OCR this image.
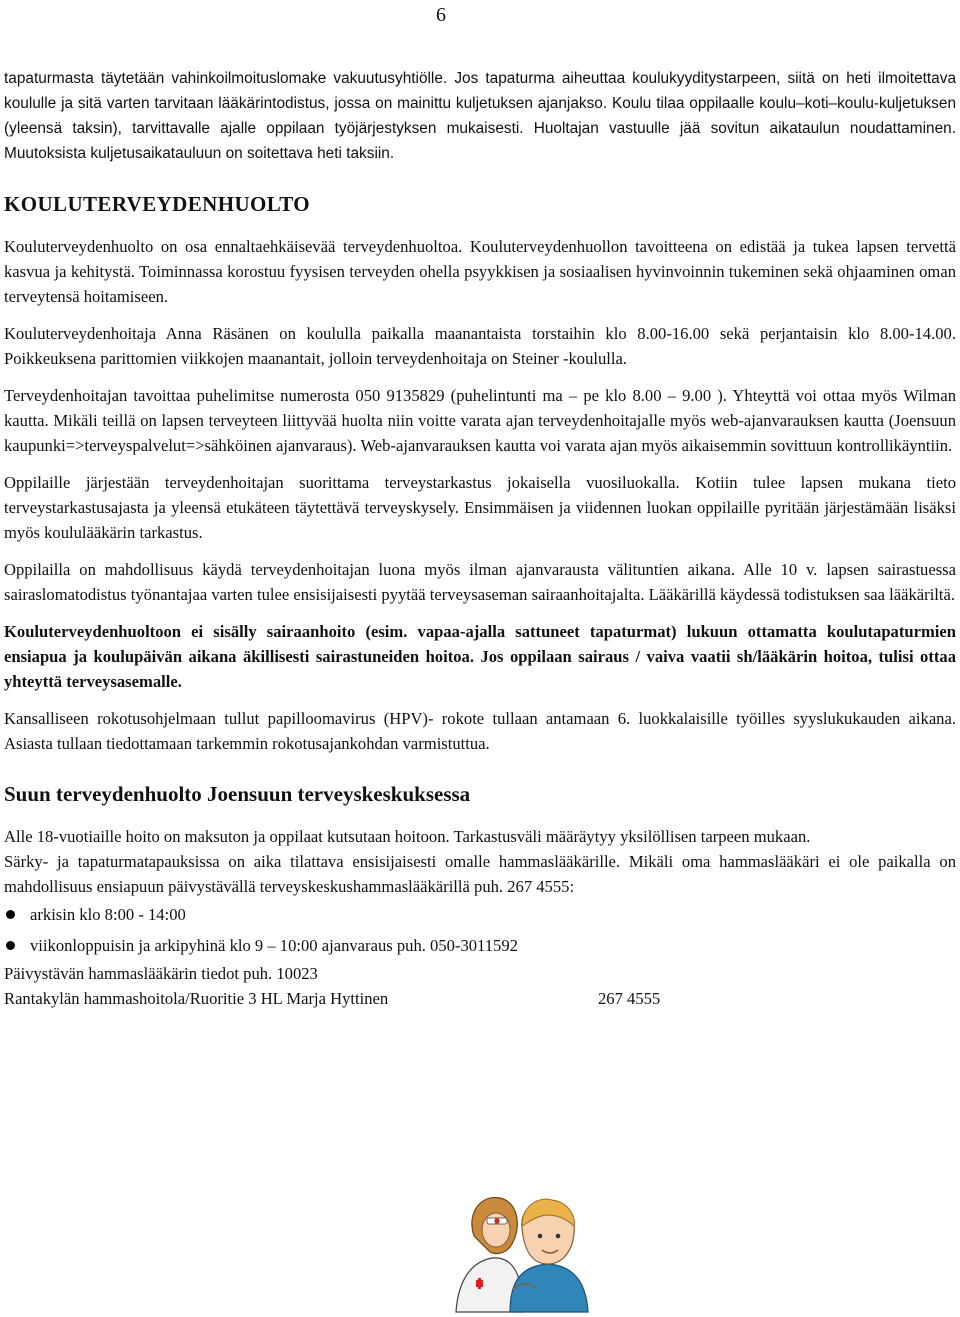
6

tapaturmasta täytetään vahinkoilmoituslomake vakuutusyhtiölle. Jos tapaturma aiheuttaa koulukyyditystarpeen, siitä on heti ilmoitettava koululle ja sitä varten tarvitaan lääkärintodistus, jossa on mainittu kuljetuksen ajanjakso. Koulu tilaa oppilaalle koulu–koti–koulu-kuljetuksen (yleensä taksin), tarvittavalle ajalle oppilaan työjärjestyksen mukaisesti. Huoltajan vastuulle jää sovitun aikataulun noudattaminen. Muutoksista kuljetusaikatauluun on soitettava heti taksiin.

KOULUTERVEYDENHUOLTO

Kouluterveydenhuolto on osa ennaltaehkäisevää terveydenhuoltoa. Kouluterveydenhuollon tavoitteena on edistää ja tukea lapsen tervettä kasvua ja kehitystä. Toiminnassa korostuu fyysisen terveyden ohella psyykkisen ja sosiaalisen hyvinvoinnin tukeminen sekä ohjaaminen oman terveytensä hoitamiseen.

Kouluterveydenhoitaja Anna Räsänen on koululla paikalla maanantaista torstaihin klo 8.00-16.00 sekä perjantaisin klo 8.00-14.00. Poikkeuksena parittomien viikkojen maanantait, jolloin terveydenhoitaja on Steiner -koululla.

Terveydenhoitajan tavoittaa puhelimitse numerosta 050 9135829 (puhelintunti ma – pe klo 8.00 – 9.00 ). Yhteyttä voi ottaa myös Wilman kautta. Mikäli teillä on lapsen terveyteen liittyvää huolta niin voitte varata ajan terveydenhoitajalle myös web-ajanvarauksen kautta (Joensuun kaupunki=>terveyspalvelut=>sähköinen ajanvaraus). Web-ajanvarauksen kautta voi varata ajan myös aikaisemmin sovittuun kontrollikäyntiin.

Oppilaille järjestään terveydenhoitajan suorittama terveystarkastus jokaisella vuosiluokalla. Kotiin tulee lapsen mukana tieto terveystarkastusajasta ja yleensä etukäteen täytettävä terveyskysely. Ensimmäisen ja viidennen luokan oppilaille pyritään järjestämään lisäksi myös koululääkärin tarkastus.

Oppilailla on mahdollisuus käydä terveydenhoitajan luona myös ilman ajanvarausta välituntien aikana. Alle 10 v. lapsen sairastuessa sairaslomatodistus työnantajaa varten tulee ensisijaisesti pyytää terveysaseman sairaanhoitajalta. Lääkärillä käydessä todistuksen saa lääkäriltä.

Kouluterveydenhuoltoon ei sisälly sairaanhoito (esim. vapaa-ajalla sattuneet tapaturmat) lukuun ottamatta koulutapaturmien ensiapua ja koulupäivän aikana äkillisesti sairastuneiden hoitoa. Jos oppilaan sairaus / vaiva vaatii sh/lääkärin hoitoa, tulisi ottaa yhteyttä terveysasemalle.

Kansalliseen rokotusohjelmaan tullut papilloomavirus (HPV)- rokote tullaan antamaan 6. luokkalaisille työilles syyslukukauden aikana. Asiasta tullaan tiedottamaan tarkemmin rokotusajankohdan varmistuttua.

Suun terveydenhuolto Joensuun terveyskeskuksessa

Alle 18-vuotiaille hoito on maksuton ja oppilaat kutsutaan hoitoon. Tarkastusväli määräytyy yksilöllisen tarpeen mukaan.

Särky- ja tapaturmatapauksissa on aika tilattava ensisijaisesti omalle hammaslääkärille. Mikäli oma hammaslääkäri ei ole paikalla on mahdollisuus ensiapuun päivystävällä terveyskeskushammaslääkärillä puh. 267 4555:

arkisin klo 8:00 - 14:00
viikonloppuisin ja arkipyhinä klo 9 – 10:00 ajanvaraus puh. 050-3011592

Päivystävän hammaslääkärin tiedot puh. 10023

Rantakylän hammashoitola/Ruoritie 3 HL Marja Hyttinen	267 4555
